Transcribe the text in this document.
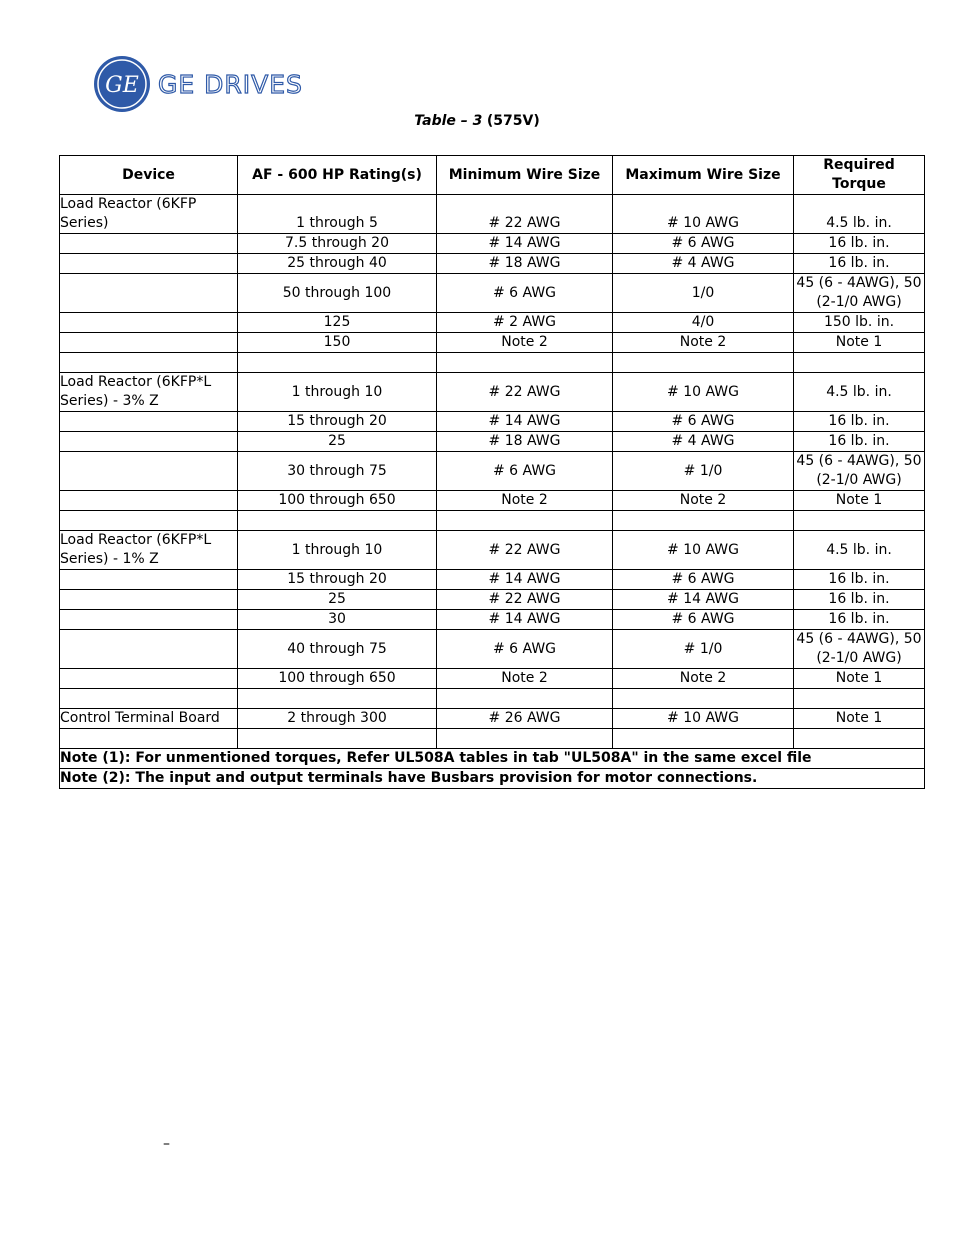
GE GE DRIVES
Table – 3 (575V)
Device	AF - 600 HP Rating(s)	Minimum Wire Size	Maximum Wire Size	Required Torque
Load Reactor (6KFP Series)	1 through 5	# 22 AWG	# 10 AWG	4.5 lb. in.
	7.5 through 20	# 14 AWG	# 6 AWG	16 lb. in.
	25 through 40	# 18 AWG	# 4 AWG	16 lb. in.
	50 through 100	# 6 AWG	1/0	45 (6 - 4AWG), 50 (2-1/0 AWG)
	125	# 2 AWG	4/0	150 lb. in.
	150	Note 2	Note 2	Note 1

Load Reactor (6KFP*L Series) - 3% Z	1 through 10	# 22 AWG	# 10 AWG	4.5 lb. in.
	15 through 20	# 14 AWG	# 6 AWG	16 lb. in.
	25	# 18 AWG	# 4 AWG	16 lb. in.
	30 through 75	# 6 AWG	# 1/0	45 (6 - 4AWG), 50 (2-1/0 AWG)
	100 through 650	Note 2	Note 2	Note 1

Load Reactor (6KFP*L Series) - 1% Z	1 through 10	# 22 AWG	# 10 AWG	4.5 lb. in.
	15 through 20	# 14 AWG	# 6 AWG	16 lb. in.
	25	# 22 AWG	# 14 AWG	16 lb. in.
	30	# 14 AWG	# 6 AWG	16 lb. in.
	40 through 75	# 6 AWG	# 1/0	45 (6 - 4AWG), 50 (2-1/0 AWG)
	100 through 650	Note 2	Note 2	Note 1

Control Terminal Board	2 through 300	# 26 AWG	# 10 AWG	Note 1

Note (1): For unmentioned torques, Refer UL508A tables in tab "UL508A" in the same excel file				
Note (2): The input and output terminals have Busbars provision for motor connections.				
–
